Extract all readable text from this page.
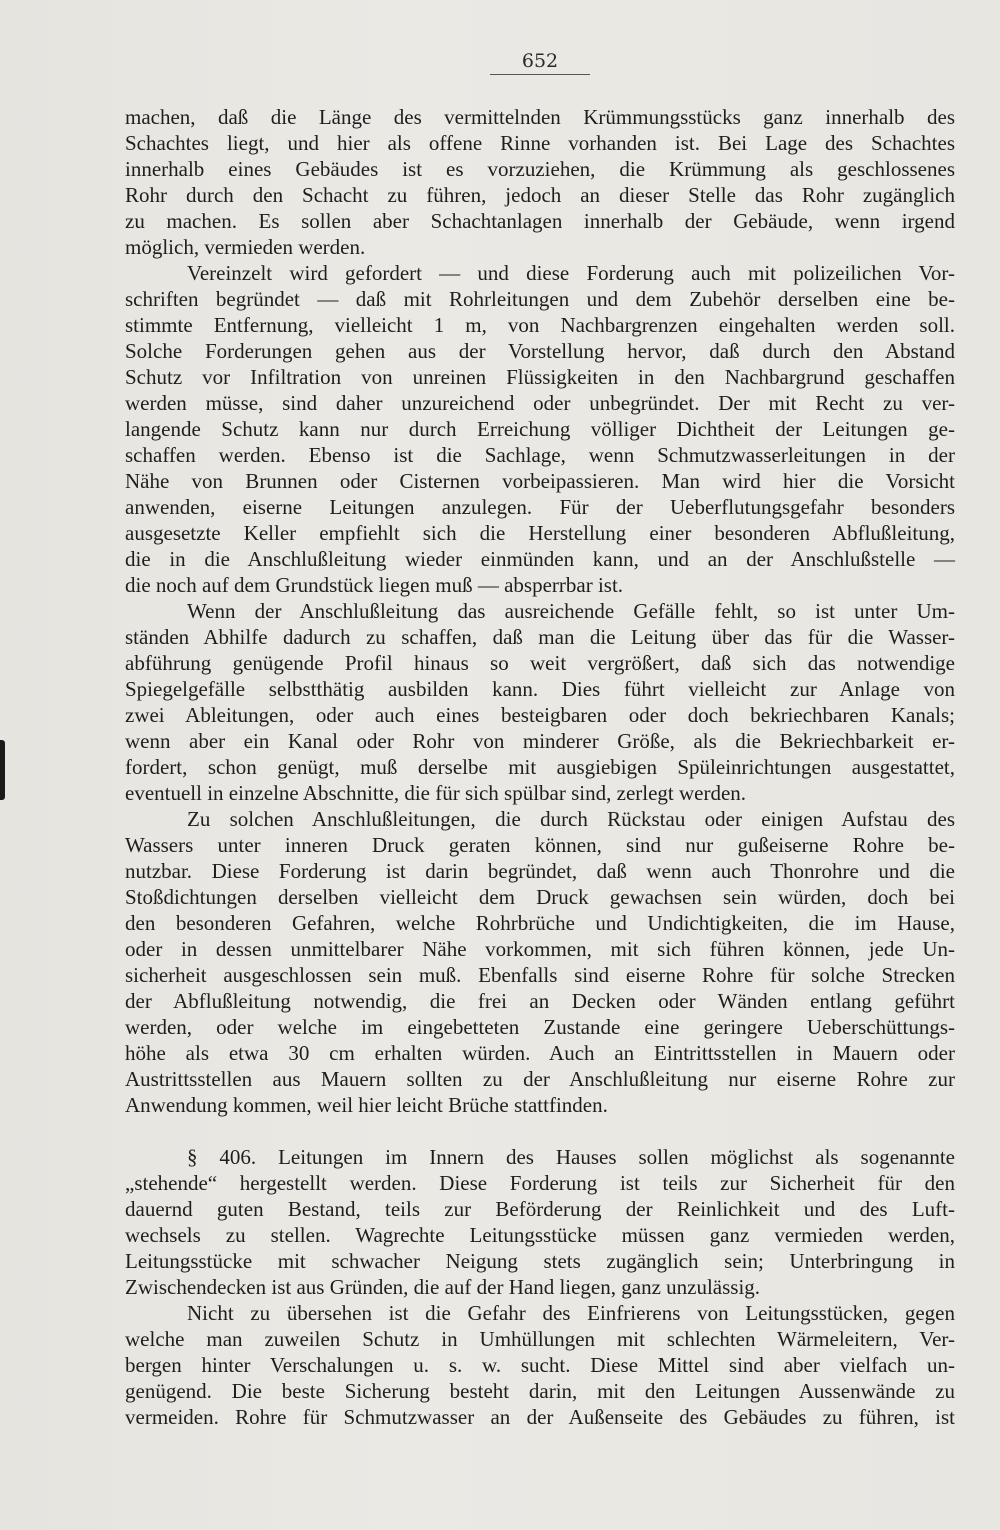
652
machen, daß die Länge des vermittelnden Krümmungsstücks ganz innerhalb des
Schachtes liegt, und hier als offene Rinne vorhanden ist. Bei Lage des Schachtes
innerhalb eines Gebäudes ist es vorzuziehen, die Krümmung als geschlossenes
Rohr durch den Schacht zu führen, jedoch an dieser Stelle das Rohr zugänglich
zu machen. Es sollen aber Schachtanlagen innerhalb der Gebäude, wenn irgend
möglich, vermieden werden.
Vereinzelt wird gefordert — und diese Forderung auch mit polizeilichen Vor-
schriften begründet — daß mit Rohrleitungen und dem Zubehör derselben eine be-
stimmte Entfernung, vielleicht 1 m, von Nachbargrenzen eingehalten werden soll.
Solche Forderungen gehen aus der Vorstellung hervor, daß durch den Abstand
Schutz vor Infiltration von unreinen Flüssigkeiten in den Nachbargrund geschaffen
werden müsse, sind daher unzureichend oder unbegründet. Der mit Recht zu ver-
langende Schutz kann nur durch Erreichung völliger Dichtheit der Leitungen ge-
schaffen werden. Ebenso ist die Sachlage, wenn Schmutzwasserleitungen in der
Nähe von Brunnen oder Cisternen vorbeipassieren. Man wird hier die Vorsicht
anwenden, eiserne Leitungen anzulegen. Für der Ueberflutungsgefahr besonders
ausgesetzte Keller empfiehlt sich die Herstellung einer besonderen Abflußleitung,
die in die Anschlußleitung wieder einmünden kann, und an der Anschlußstelle —
die noch auf dem Grundstück liegen muß — absperrbar ist.
Wenn der Anschlußleitung das ausreichende Gefälle fehlt, so ist unter Um-
ständen Abhilfe dadurch zu schaffen, daß man die Leitung über das für die Wasser-
abführung genügende Profil hinaus so weit vergrößert, daß sich das notwendige
Spiegelgefälle selbstthätig ausbilden kann. Dies führt vielleicht zur Anlage von
zwei Ableitungen, oder auch eines besteigbaren oder doch bekriechbaren Kanals;
wenn aber ein Kanal oder Rohr von minderer Größe, als die Bekriechbarkeit er-
fordert, schon genügt, muß derselbe mit ausgiebigen Spüleinrichtungen ausgestattet,
eventuell in einzelne Abschnitte, die für sich spülbar sind, zerlegt werden.
Zu solchen Anschlußleitungen, die durch Rückstau oder einigen Aufstau des
Wassers unter inneren Druck geraten können, sind nur gußeiserne Rohre be-
nutzbar. Diese Forderung ist darin begründet, daß wenn auch Thonrohre und die
Stoßdichtungen derselben vielleicht dem Druck gewachsen sein würden, doch bei
den besonderen Gefahren, welche Rohrbrüche und Undichtigkeiten, die im Hause,
oder in dessen unmittelbarer Nähe vorkommen, mit sich führen können, jede Un-
sicherheit ausgeschlossen sein muß. Ebenfalls sind eiserne Rohre für solche Strecken
der Abflußleitung notwendig, die frei an Decken oder Wänden entlang geführt
werden, oder welche im eingebetteten Zustande eine geringere Ueberschüttungs-
höhe als etwa 30 cm erhalten würden. Auch an Eintrittsstellen in Mauern oder
Austrittsstellen aus Mauern sollten zu der Anschlußleitung nur eiserne Rohre zur
Anwendung kommen, weil hier leicht Brüche stattfinden.
§ 406. Leitungen im Innern des Hauses sollen möglichst als sogenannte
„stehende“ hergestellt werden. Diese Forderung ist teils zur Sicherheit für den
dauernd guten Bestand, teils zur Beförderung der Reinlichkeit und des Luft-
wechsels zu stellen. Wagrechte Leitungsstücke müssen ganz vermieden werden,
Leitungsstücke mit schwacher Neigung stets zugänglich sein; Unterbringung in
Zwischendecken ist aus Gründen, die auf der Hand liegen, ganz unzulässig.
Nicht zu übersehen ist die Gefahr des Einfrierens von Leitungsstücken, gegen
welche man zuweilen Schutz in Umhüllungen mit schlechten Wärmeleitern, Ver-
bergen hinter Verschalungen u. s. w. sucht. Diese Mittel sind aber vielfach un-
genügend. Die beste Sicherung besteht darin, mit den Leitungen Aussenwände zu
vermeiden. Rohre für Schmutzwasser an der Außenseite des Gebäudes zu führen, ist
